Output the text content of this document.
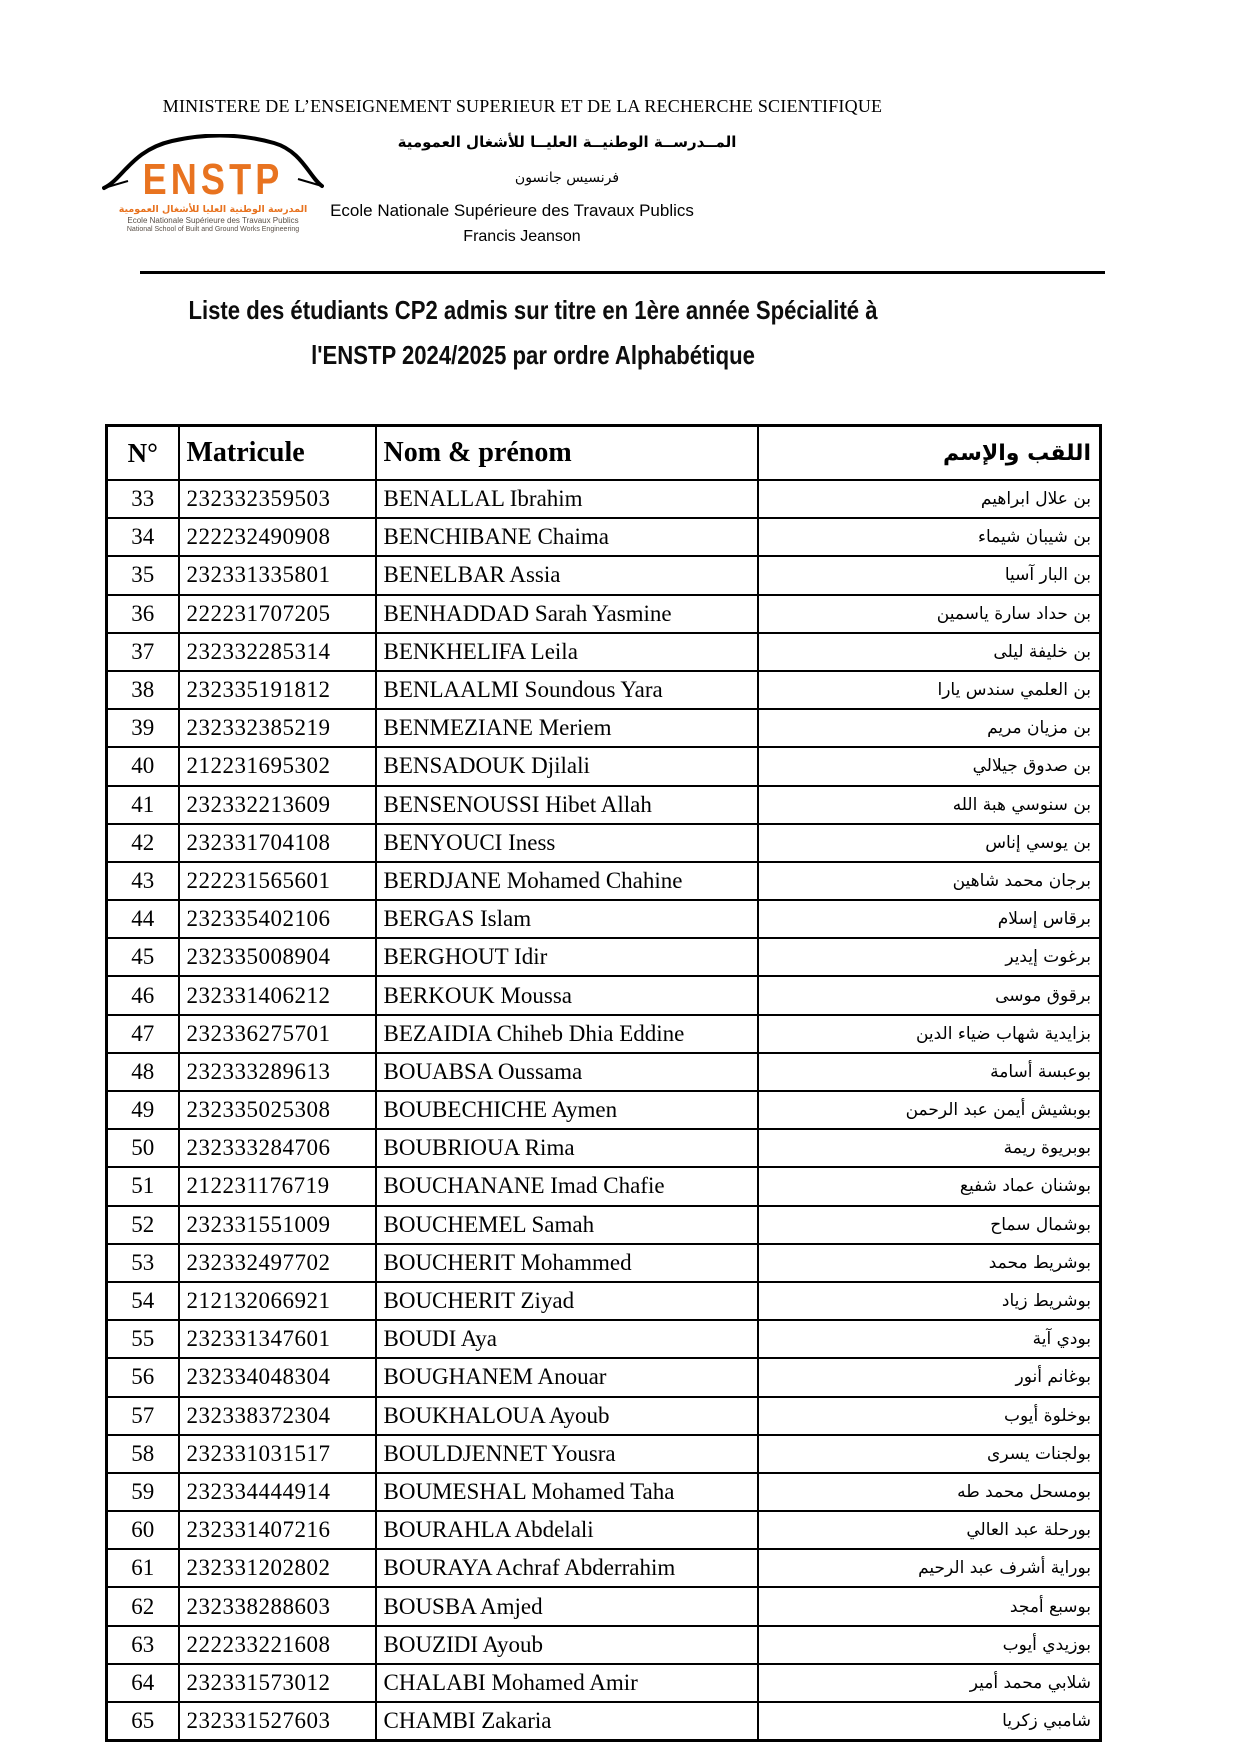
MINISTERE DE L’ENSEIGNEMENT SUPERIEUR ET DE LA RECHERCHE SCIENTIFIQUE
ENSTP
المدرسة الوطنية العليا للأشغال العمومية
Ecole Nationale Supérieure des Travaux Publics
National School of Built and Ground Works Engineering
المــدرســة الوطنيــة العليــا للأشغال العمومية
فرنسيس جانسون
Ecole Nationale Supérieure des Travaux Publics
Francis Jeanson
Liste des étudiants CP2 admis sur titre en 1ère année Spécialité à
l'ENSTP 2024/2025 par ordre Alphabétique
N°	Matricule	Nom & prénom	اللقب والإسم
33	232332359503	BENALLAL Ibrahim	بن علال ابراهيم
34	222232490908	BENCHIBANE Chaima	بن شيبان شيماء
35	232331335801	BENELBAR Assia	بن البار آسيا
36	222231707205	BENHADDAD Sarah Yasmine	بن حداد سارة ياسمين
37	232332285314	BENKHELIFA Leila	بن خليفة ليلى
38	232335191812	BENLAALMI Soundous Yara	بن العلمي سندس يارا
39	232332385219	BENMEZIANE Meriem	بن مزيان مريم
40	212231695302	BENSADOUK Djilali	بن صدوق جيلالي
41	232332213609	BENSENOUSSI Hibet Allah	بن سنوسي هبة الله
42	232331704108	BENYOUCI Iness	بن يوسي إناس
43	222231565601	BERDJANE Mohamed Chahine	برجان محمد شاهين
44	232335402106	BERGAS Islam	برقاس إسلام
45	232335008904	BERGHOUT Idir	برغوت إيدير
46	232331406212	BERKOUK Moussa	برقوق موسى
47	232336275701	BEZAIDIA Chiheb Dhia Eddine	بزايدية شهاب ضياء الدين
48	232333289613	BOUABSA Oussama	بوعبسة أسامة
49	232335025308	BOUBECHICHE Aymen	بوبشيش أيمن عبد الرحمن
50	232333284706	BOUBRIOUA Rima	بوبريوة ريمة
51	212231176719	BOUCHANANE Imad Chafie	بوشنان عماد شفيع
52	232331551009	BOUCHEMEL Samah	بوشمال سماح
53	232332497702	BOUCHERIT Mohammed	بوشريط محمد
54	212132066921	BOUCHERIT Ziyad	بوشريط زياد
55	232331347601	BOUDI Aya	بودي آية
56	232334048304	BOUGHANEM Anouar	بوغانم أنور
57	232338372304	BOUKHALOUA Ayoub	بوخلوة أيوب
58	232331031517	BOULDJENNET Yousra	بولجنات يسرى
59	232334444914	BOUMESHAL Mohamed Taha	بومسحل محمد طه
60	232331407216	BOURAHLA Abdelali	بورحلة عبد العالي
61	232331202802	BOURAYA Achraf Abderrahim	بوراية أشرف عبد الرحيم
62	232338288603	BOUSBA Amjed	بوسبع أمجد
63	222233221608	BOUZIDI Ayoub	بوزيدي أيوب
64	232331573012	CHALABI Mohamed Amir	شلابي محمد أمير
65	232331527603	CHAMBI Zakaria	شامبي زكريا
